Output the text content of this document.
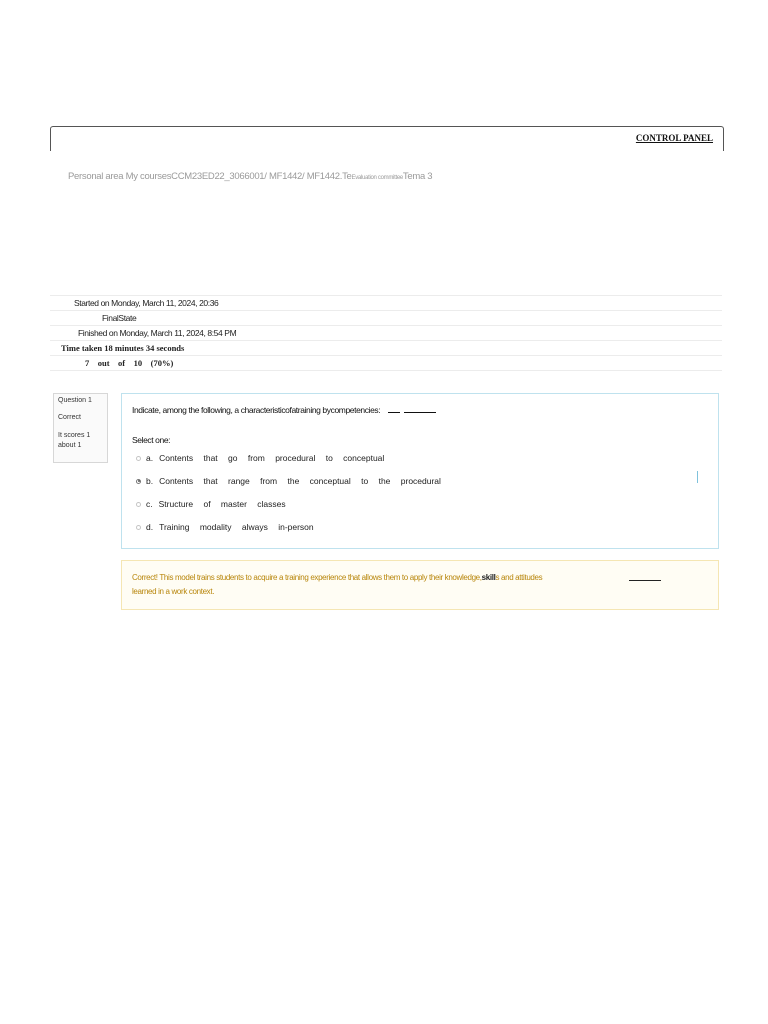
CONTROL PANEL
Personal area My coursesCCM23ED22_3066001/ MF1442/ MF1442.TeEvaluation committeeTema 3
Started on Monday, March 11, 2024, 20:36
FinalState
Finished on Monday, March 11, 2024, 8:54 PM
Time taken 18 minutes 34 seconds
7    out    of    10    (70%)
Question 1
Correct
It scores 1 about 1
Indicate, among the following, a characteristicofatraining bycompetencies:
Select one:
a. Contents that go from procedural to conceptual
b. Contents that range from the conceptual to the procedural
c. Structure of master classes
d. Training modality always in-person
Correct! This model trains students to acquire a training experience that allows them to apply their knowledge,skills and attitudes learned in a work context.
